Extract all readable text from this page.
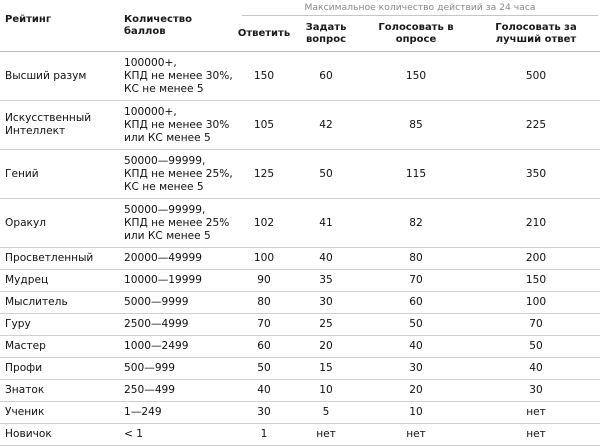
Рейтинг	Количество баллов	Максимальное количество действий за 24 часа			

		Ответить	Задать вопрос	Голосовать в опросе	Голосовать за лучший ответ

Высший разум	100000+,
КПД не менее 30%,
КС не менее 5	150	60	150	500

Искусственный
Интеллект	100000+,
КПД не менее 30%
или КС менее 5	105	42	85	225

Гений	50000—99999,
КПД не менее 25%,
КС не менее 5	125	50	115	350

Оракул	50000—99999,
КПД не менее 25%
или КС менее 5	102	41	82	210

Просветленный	20000—49999	100	40	80	200

Мудрец	10000—19999	90	35	70	150

Мыслитель	5000—9999	80	30	60	100

Гуру	2500—4999	70	25	50	70

Мастер	1000—2499	60	20	40	50

Профи	500—999	50	15	30	40

Знаток	250—499	40	10	20	30

Ученик	1—249	30	5	10	нет

Новичок	< 1	1	нет	нет	нет
